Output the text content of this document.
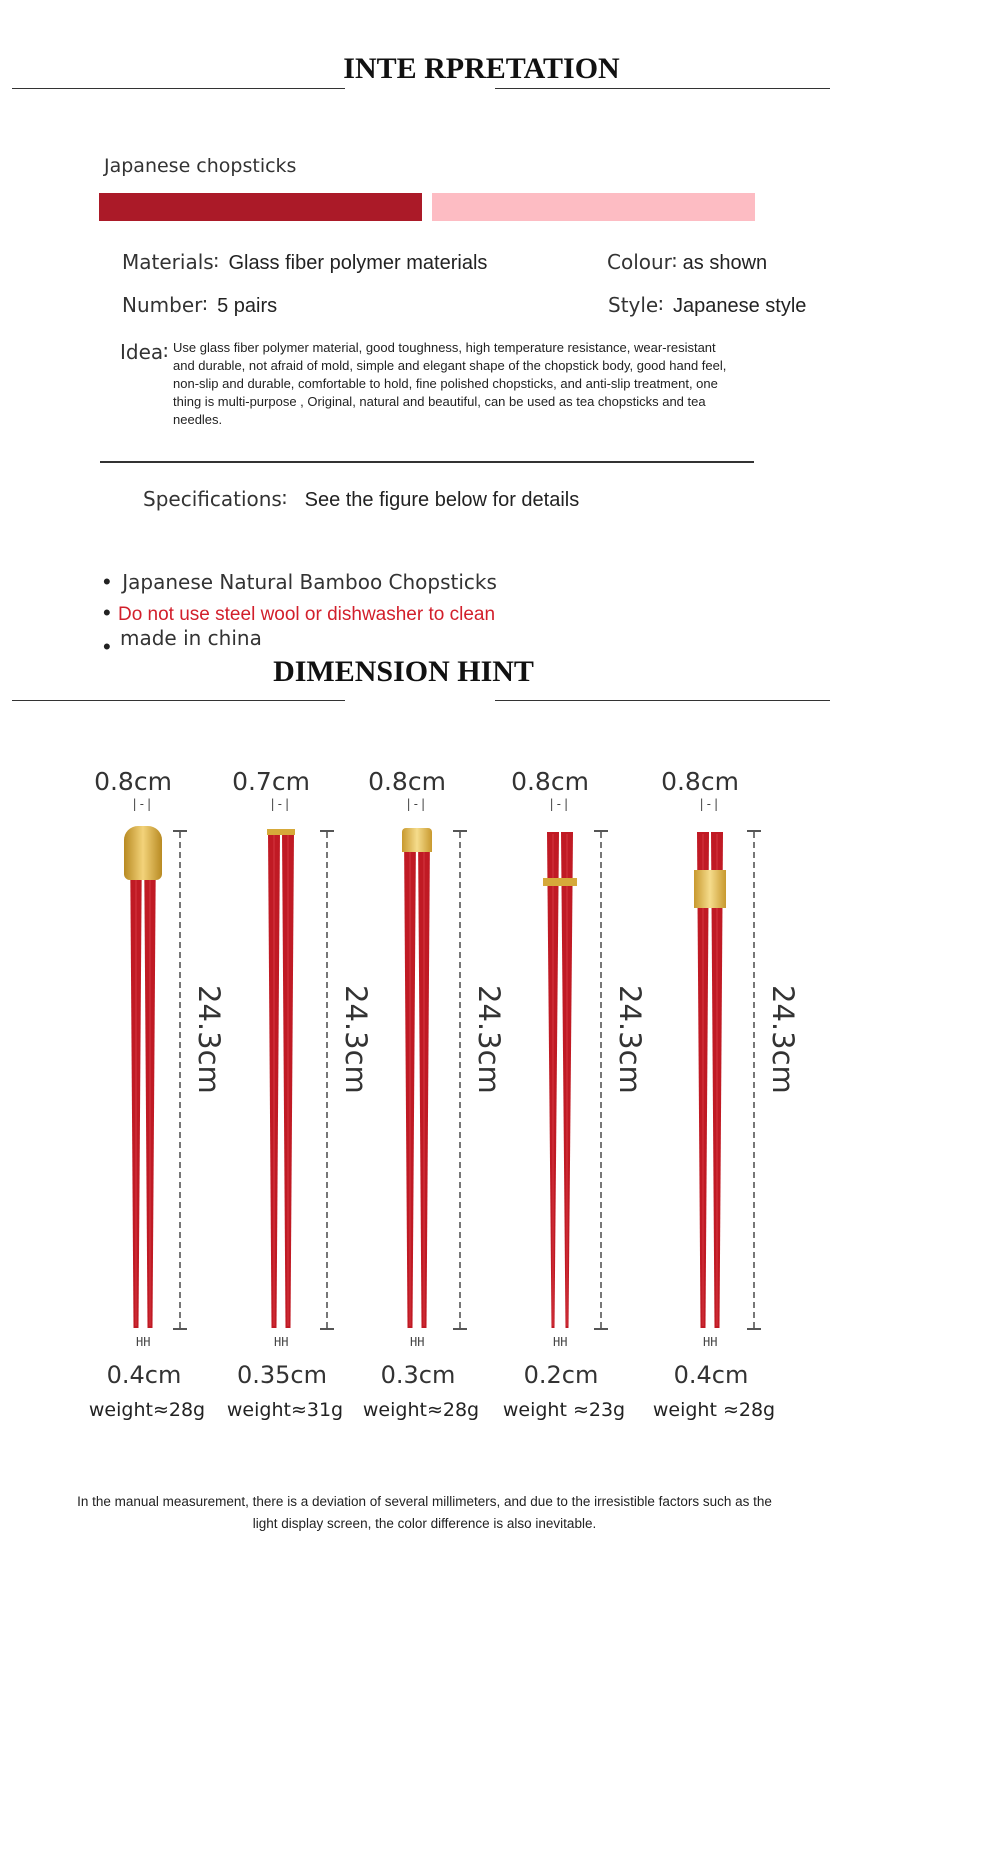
INTE RPRETATION
Japanese chopsticks
Materials∶ Glass fiber polymer materials	Colour∶ as shown
Number∶ 5 pairs	Style∶ Japanese style
Idea∶ Use glass fiber polymer material, good toughness, high temperature resistance, wear-resistant
and durable, not afraid of mold, simple and elegant shape of the chopstick body, good hand feel,
non-slip and durable, comfortable to hold, fine polished chopsticks, and anti-slip treatment, one
thing is multi-purpose , Original, natural and beautiful, can be used as tea chopsticks and tea
needles.
Specifications∶ See the figure below for details
• Japanese Natural Bamboo Chopsticks
• Do not use steel wool or dishwasher to clean
• made in china
DIMENSION HINT
0.8cm
|-|
24.3cm
HH
0.4cm
weight≈28g
0.7cm
|-|
24.3cm
HH
0.35cm
weight≈31g
0.8cm
|-|
24.3cm
HH
0.3cm
weight≈28g
0.8cm
|-|
24.3cm
HH
0.2cm
weight ≈23g
0.8cm
|-|
24.3cm
HH
0.4cm
weight ≈28g
In the manual measurement, there is a deviation of several millimeters, and due to the irresistible factors such as the
light display screen, the color difference is also inevitable.
